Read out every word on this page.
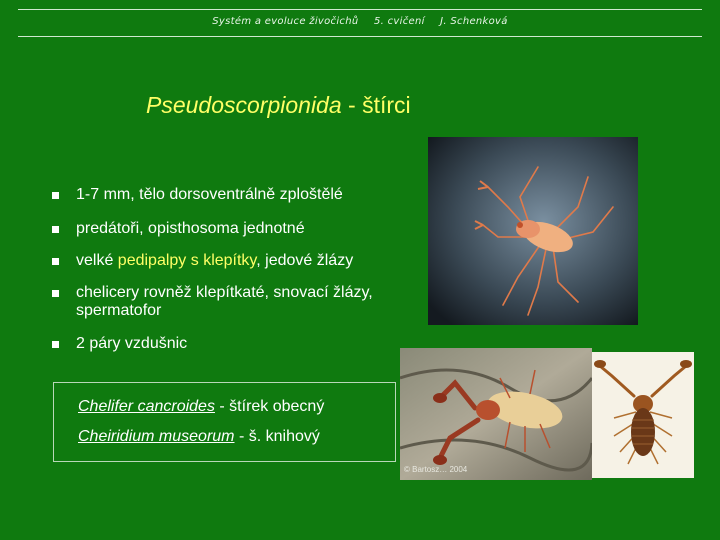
Systém a evoluce živočichů 5. cvičení J. Schenková
Pseudoscorpionida - štírci
1-7 mm, tělo dorsoventrálně zploštělé
predátoři, opisthosoma jednotné
velké pedipalpy s klepítky, jedové žlázy
chelicery rovněž klepítkaté, snovací žlázy, spermatofor
2 páry vzdušnic
Chelifer cancroides - štírek obecný
Cheiridium museorum - š. knihový
© Bartosz… 2004
